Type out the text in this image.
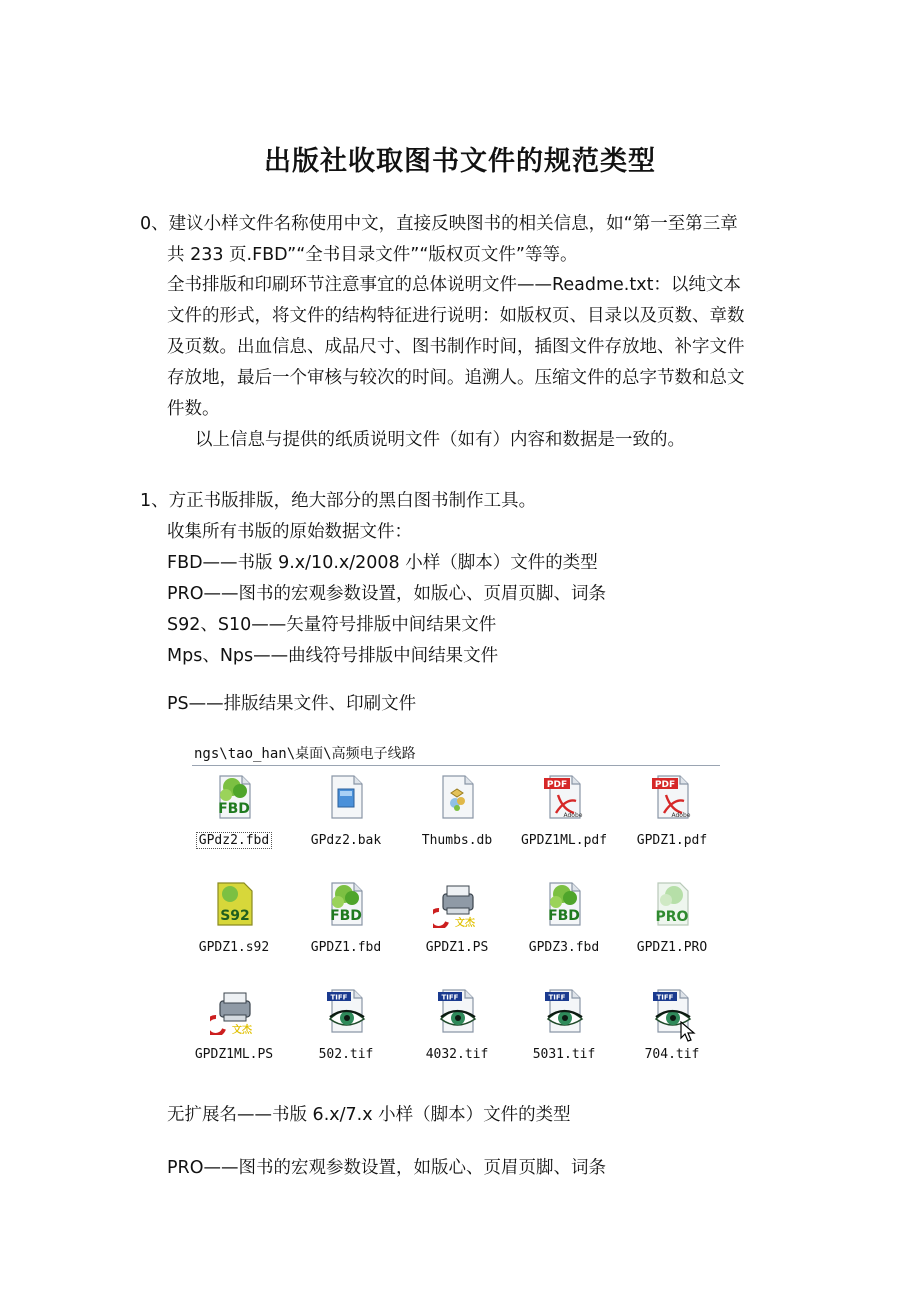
出版社收取图书文件的规范类型
0、建议小样文件名称使用中文，直接反映图书的相关信息，如“第一至第三章
共 233 页.FBD”“全书目录文件”“版权页文件”等等。
全书排版和印刷环节注意事宜的总体说明文件——Readme.txt：以纯文本
文件的形式，将文件的结构特征进行说明：如版权页、目录以及页数、章数
及页数。出血信息、成品尺寸、图书制作时间，插图文件存放地、补字文件
存放地，最后一个审核与较次的时间。追溯人。压缩文件的总字节数和总文
件数。
以上信息与提供的纸质说明文件（如有）内容和数据是一致的。
1、方正书版排版，绝大部分的黑白图书制作工具。
收集所有书版的原始数据文件：
FBD——书版 9.x/10.x/2008 小样（脚本）文件的类型
PRO——图书的宏观参数设置，如版心、页眉页脚、词条
S92、S10——矢量符号排版中间结果文件
Mps、Nps——曲线符号排版中间结果文件
PS——排版结果文件、印刷文件
ngs\tao_han\桌面\高频电子线路
FBD
GPdz2.fbd	GPdz2.bak	Thumbs.db
PDF
Adobe
GPDZ1ML.pdf
PDF
Adobe
GPDZ1.pdf
S92
GPDZ1.s92
FBD
GPDZ1.fbd
文杰
GPDZ1.PS
FBD
GPDZ3.fbd
PRO
GPDZ1.PRO
文杰
GPDZ1ML.PS
TIFF
502.tif
TIFF
4032.tif
TIFF
5031.tif
TIFF
704.tif
无扩展名——书版 6.x/7.x 小样（脚本）文件的类型
PRO——图书的宏观参数设置，如版心、页眉页脚、词条
